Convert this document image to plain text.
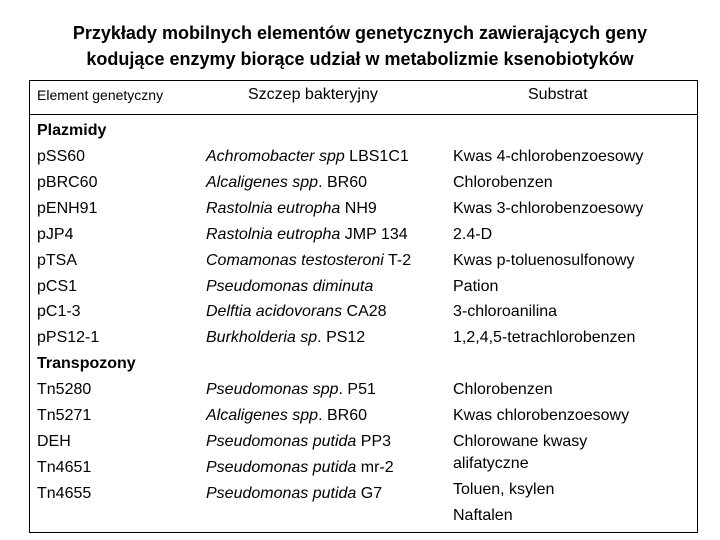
Przykłady mobilnych elementów genetycznych zawierających geny
kodujące enzymy biorące udział w metabolizmie ksenobiotyków
Element genetyczny	Szczep bakteryjny	Substrat
Plazmidy
pSS60
pBRC60
pENH91
pJP4
pTSA
pCS1
pC1-3
pPS12-1
Achromobacter spp LBS1C1
Alcaligenes spp. BR60
Rastolnia eutropha NH9
Rastolnia eutropha JMP 134
Comamonas testosteroni T-2
Pseudomonas diminuta
Delftia acidovorans CA28
Burkholderia sp. PS12
Kwas 4-chlorobenzoesowy
Chlorobenzen
Kwas 3-chlorobenzoesowy
2.4-D
Kwas p-toluenosulfonowy
Pation
3-chloroanilina
1,2,4,5-tetrachlorobenzen
Transpozony
Tn5280
Tn5271
DEH
Tn4651
Tn4655
Pseudomonas spp. P51
Alcaligenes spp. BR60
Pseudomonas putida PP3
Pseudomonas putida mr-2
Pseudomonas putida G7
Chlorobenzen
Kwas chlorobenzoesowy
Chlorowane kwasy
alifatyczne
Toluen, ksylen
Naftalen
